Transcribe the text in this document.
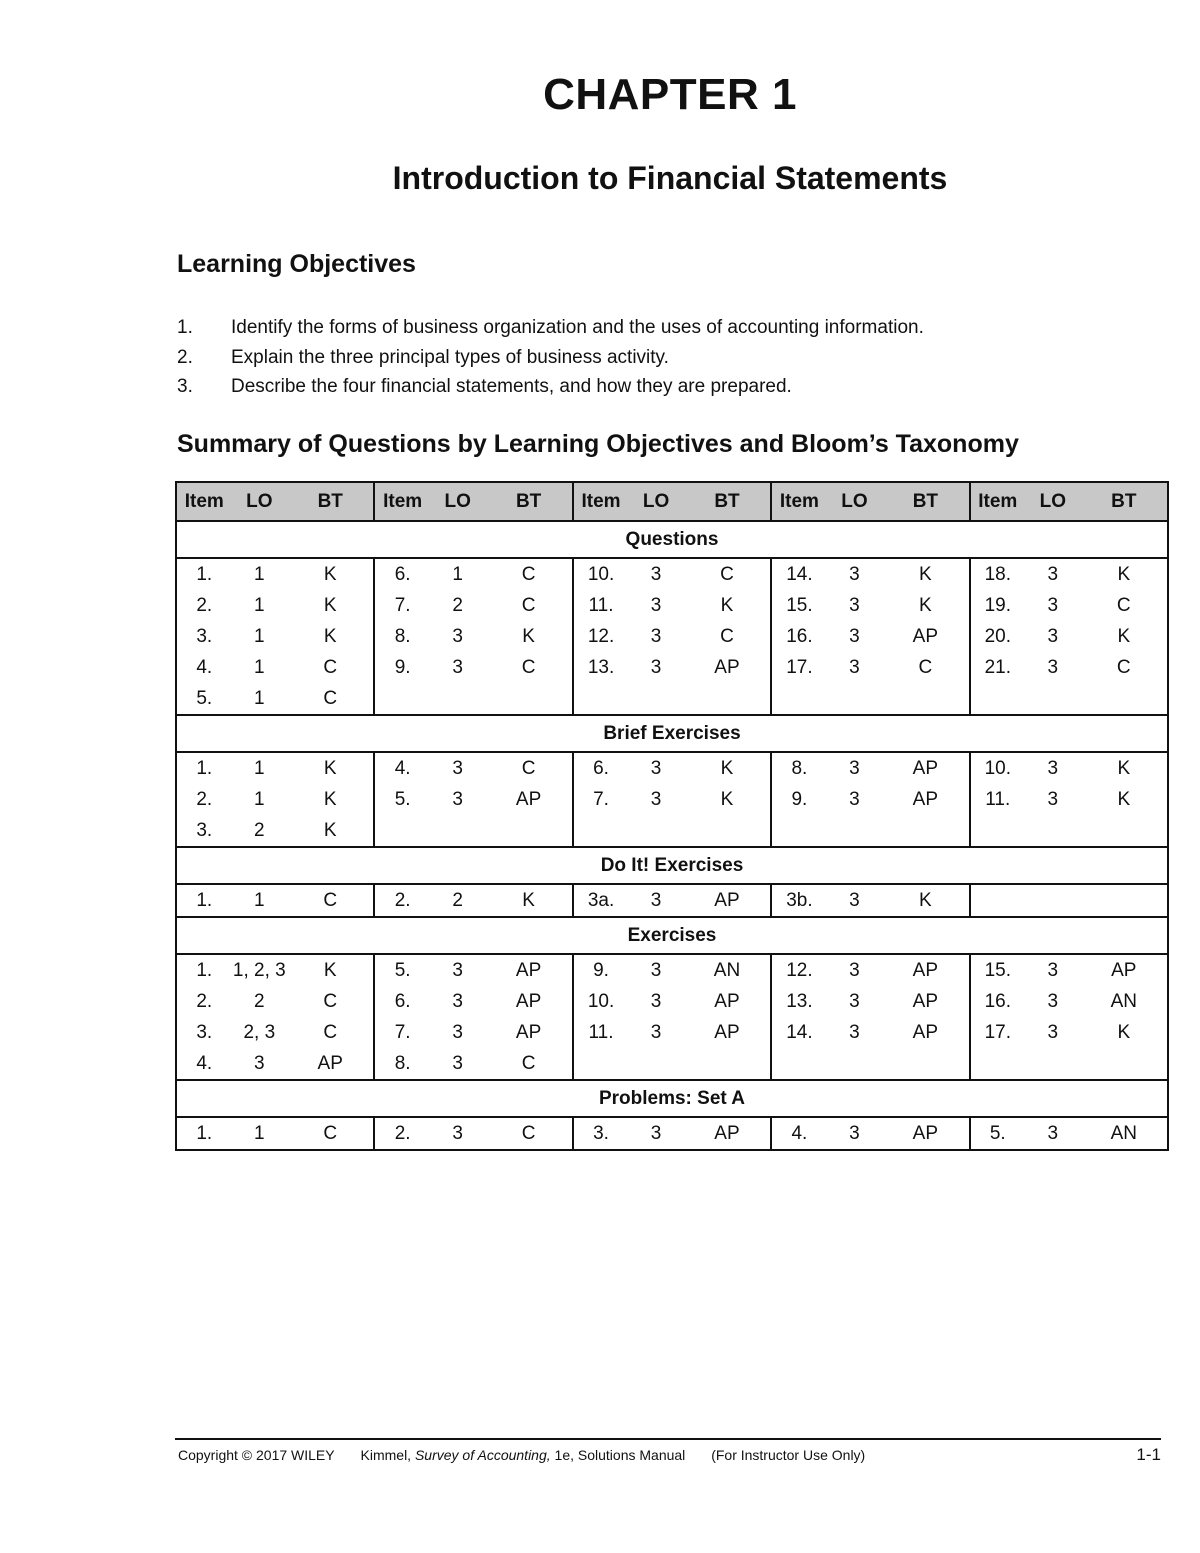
CHAPTER 1
Introduction to Financial Statements
Learning Objectives
1. Identify the forms of business organization and the uses of accounting information.
2. Explain the three principal types of business activity.
3. Describe the four financial statements, and how they are prepared.
Summary of Questions by Learning Objectives and Bloom’s Taxonomy
Item	LO	BT	Item	LO	BT	Item	LO	BT	Item	LO	BT	Item	LO	BT
Questions														
1.	1	K	6.	1	C	10.	3	C	14.	3	K	18.	3	K
2.	1	K	7.	2	C	11.	3	K	15.	3	K	19.	3	C
3.	1	K	8.	3	K	12.	3	C	16.	3	AP	20.	3	K
4.	1	C	9.	3	C	13.	3	AP	17.	3	C	21.	3	C
5.	1	C												
Brief Exercises														
1.	1	K	4.	3	C	6.	3	K	8.	3	AP	10.	3	K
2.	1	K	5.	3	AP	7.	3	K	9.	3	AP	11.	3	K
3.	2	K												
Do It! Exercises														
1.	1	C	2.	2	K	3a.	3	AP	3b.	3	K			
Exercises														
1.	1, 2, 3	K	5.	3	AP	9.	3	AN	12.	3	AP	15.	3	AP
2.	2	C	6.	3	AP	10.	3	AP	13.	3	AP	16.	3	AN
3.	2, 3	C	7.	3	AP	11.	3	AP	14.	3	AP	17.	3	K
4.	3	AP	8.	3	C									
Problems: Set A														
1.	1	C	2.	3	C	3.	3	AP	4.	3	AP	5.	3	AN
Copyright © 2017 WILEY Kimmel, Survey of Accounting, 1e, Solutions Manual (For Instructor Use Only)	1-1
